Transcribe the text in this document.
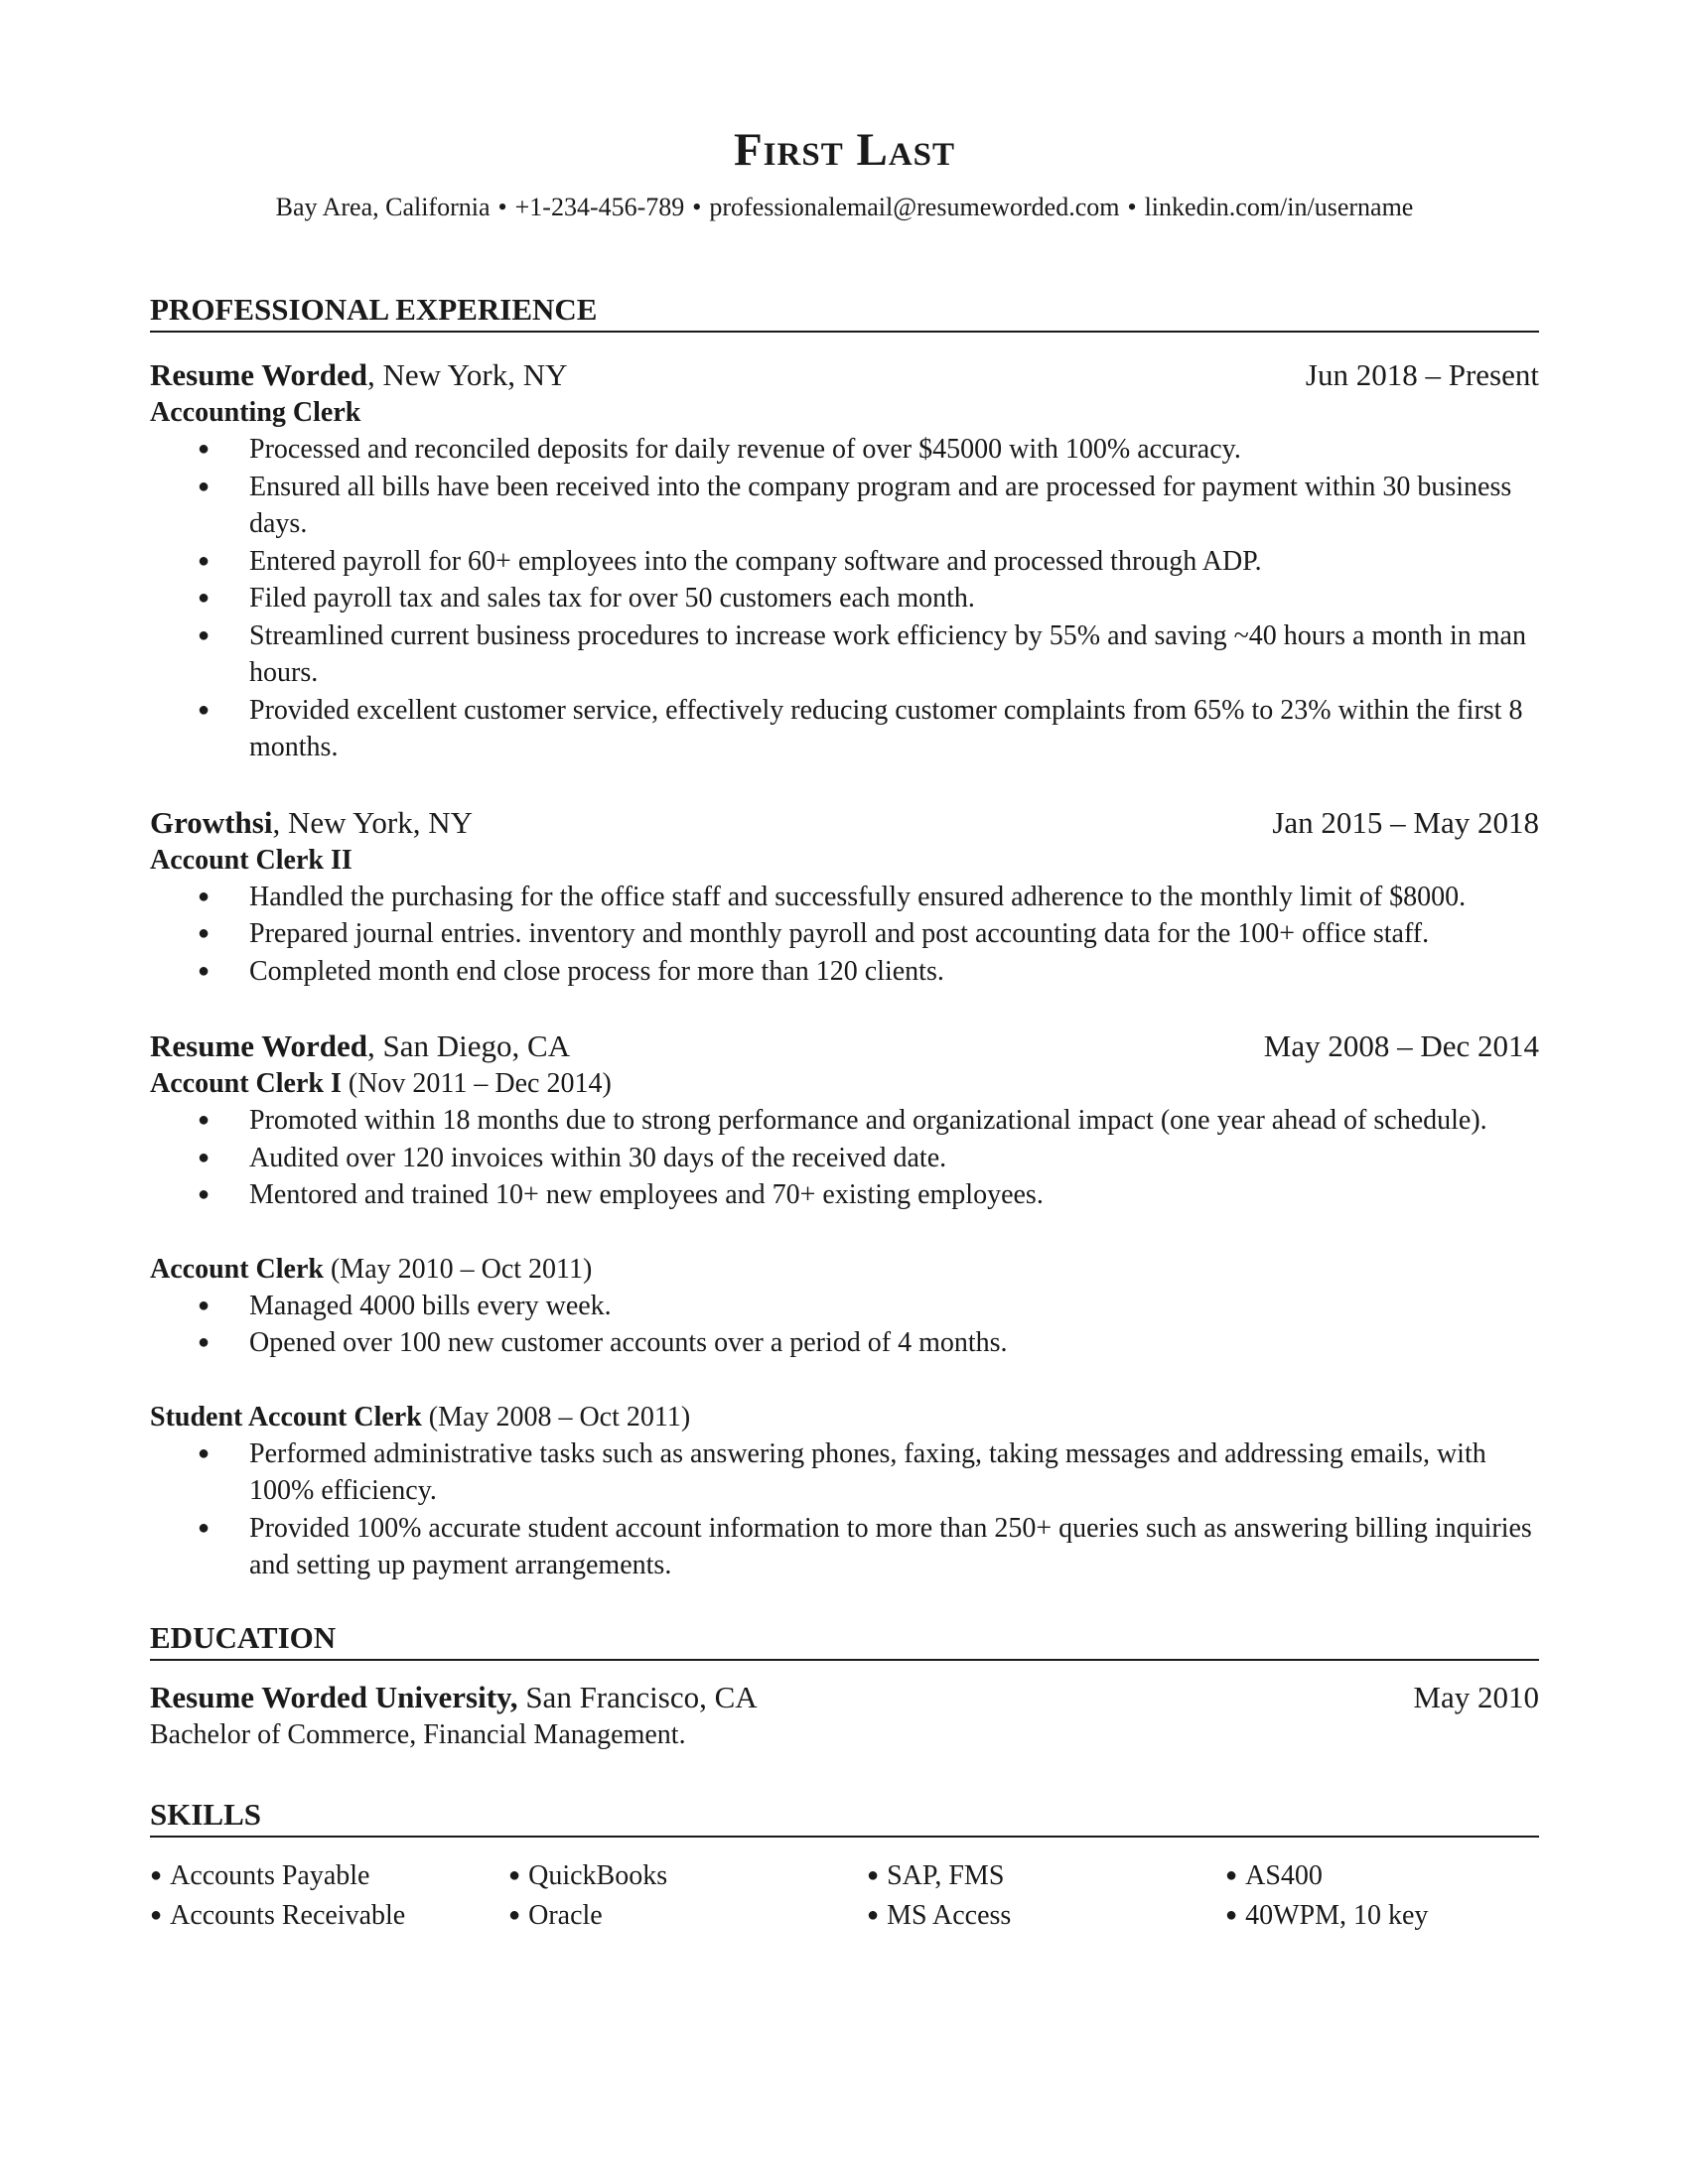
First Last
Bay Area, California • +1-234-456-789 • professionalemail@resumeworded.com • linkedin.com/in/username
PROFESSIONAL EXPERIENCE
Resume Worded, New York, NY	Jun 2018 – Present
Accounting Clerk
● Processed and reconciled deposits for daily revenue of over $45000 with 100% accuracy.
● Ensured all bills have been received into the company program and are processed for payment within 30 business days.
● Entered payroll for 60+ employees into the company software and processed through ADP.
● Filed payroll tax and sales tax for over 50 customers each month.
● Streamlined current business procedures to increase work efficiency by 55% and saving ~40 hours a month in man hours.
● Provided excellent customer service, effectively reducing customer complaints from 65% to 23% within the first 8 months.
Growthsi, New York, NY	Jan 2015 – May 2018
Account Clerk II
● Handled the purchasing for the office staff and successfully ensured adherence to the monthly limit of $8000.
● Prepared journal entries. inventory and monthly payroll and post accounting data for the 100+ office staff.
● Completed month end close process for more than 120 clients.
Resume Worded, San Diego, CA	May 2008 – Dec 2014
Account Clerk I (Nov 2011 – Dec 2014)
● Promoted within 18 months due to strong performance and organizational impact (one year ahead of schedule).
● Audited over 120 invoices within 30 days of the received date.
● Mentored and trained 10+ new employees and 70+ existing employees.
Account Clerk (May 2010 – Oct 2011)
● Managed 4000 bills every week.
● Opened over 100 new customer accounts over a period of 4 months.
Student Account Clerk (May 2008 – Oct 2011)
● Performed administrative tasks such as answering phones, faxing, taking messages and addressing emails, with 100% efficiency.
● Provided 100% accurate student account information to more than 250+ queries such as answering billing inquiries and setting up payment arrangements.
EDUCATION
Resume Worded University, San Francisco, CA	May 2010
Bachelor of Commerce, Financial Management.
SKILLS
● Accounts Payable	● QuickBooks	● SAP, FMS	● AS400
● Accounts Receivable	● Oracle	● MS Access	● 40WPM, 10 key
